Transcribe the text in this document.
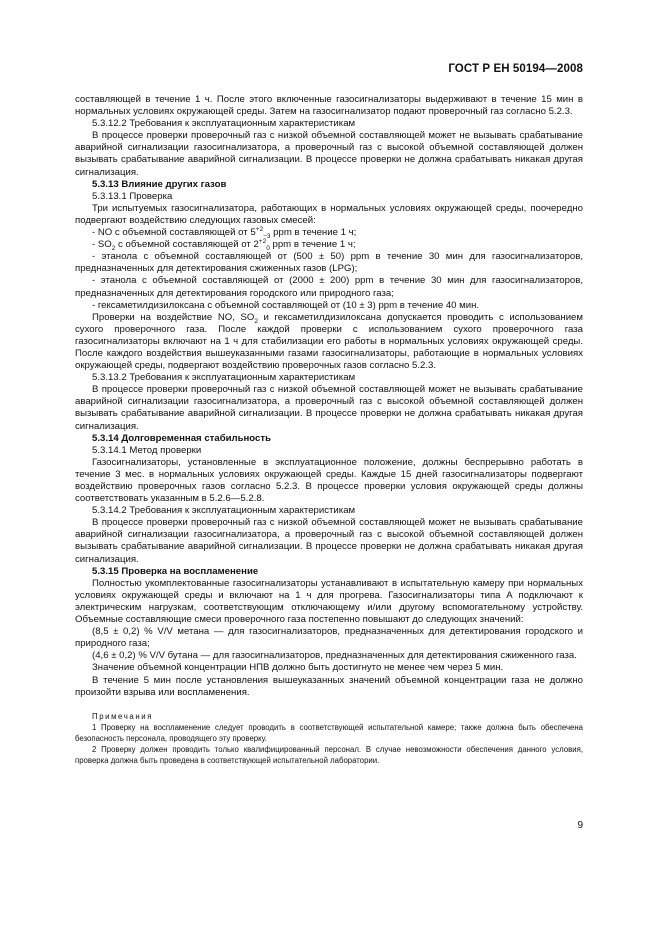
ГОСТ Р ЕН 50194—2008

составляющей в течение 1 ч. После этого включенные газосигнализаторы выдерживают в течение 15 мин в нормальных условиях окружающей среды. Затем на газосигнализатор подают проверочный газ согласно 5.2.3.

5.3.12.2 Требования к эксплуатационным характеристикам

В процессе проверки проверочный газ с низкой объемной составляющей может не вызывать срабатывание аварийной сигнализации газосигнализатора, а проверочный газ с высокой объемной составляющей должен вызывать срабатывание аварийной сигнализации. В процессе проверки не должна срабатывать никакая другая сигнализация.

5.3.13 Влияние других газов

5.3.13.1 Проверка

Три испытуемых газосигнализатора, работающих в нормальных условиях окружающей среды, поочередно подвергают воздействию следующих газовых смесей:

- NO с объемной составляющей от $5^{+2}_{-3}$ ppm в течение 1 ч;

- $SO_2$ с объемной составляющей от $2^{+2}_0$ ppm в течение 1 ч;

- этанола с объемной составляющей от (500 ± 50) ppm в течение 30 мин для газосигнализаторов, предназначенных для детектирования сжиженных газов (LPG);

- этанола с объемной составляющей от (2000 ± 200) ppm в течение 30 мин для газосигнализаторов, предназначенных для детектирования городского или природного газа;

- гексаметилдизилоксана с объемной составляющей от (10 ± 3) ppm в течение 40 мин.

Проверки на воздействие NO, $SO_2$ и гексаметилдизилоксана допускается проводить с использованием сухого проверочного газа. После каждой проверки с использованием сухого проверочного газа газосигнализаторы включают на 1 ч для стабилизации его работы в нормальных условиях окружающей среды. После каждого воздействия вышеуказанными газами газосигнализаторы, работающие в нормальных условиях окружающей среды, подвергают воздействию проверочных газов согласно 5.2.3.

5.3.13.2 Требования к эксплуатационным характеристикам

В процессе проверки проверочный газ с низкой объемной составляющей может не вызывать срабатывание аварийной сигнализации газосигнализатора, а проверочный газ с высокой объемной составляющей должен вызывать срабатывание аварийной сигнализации. В процессе проверки не должна срабатывать никакая другая сигнализация.

5.3.14 Долговременная стабильность

5.3.14.1 Метод проверки

Газосигнализаторы, установленные в эксплуатационное положение, должны беспрерывно работать в течение 3 мес. в нормальных условиях окружающей среды. Каждые 15 дней газосигнализаторы подвергают воздействию проверочных газов согласно 5.2.3. В процессе проверки условия окружающей среды должны соответствовать указанным в 5.2.6—5.2.8.

5.3.14.2 Требования к эксплуатационным характеристикам

В процессе проверки проверочный газ с низкой объемной составляющей может не вызывать срабатывание аварийной сигнализации газосигнализатора, а проверочный газ с высокой объемной составляющей должен вызывать срабатывание аварийной сигнализации. В процессе проверки не должна срабатывать никакая другая сигнализация.

5.3.15 Проверка на воспламенение

Полностью укомплектованные газосигнализаторы устанавливают в испытательную камеру при нормальных условиях окружающей среды и включают на 1 ч для прогрева. Газосигнализаторы типа А подключают к электрическим нагрузкам, соответствующим отключающему и/или другому вспомогательному устройству. Объемные составляющие смеси проверочного газа постепенно повышают до следующих значений:

(8,5 ± 0,2) % V/V метана — для газосигнализаторов, предназначенных для детектирования городского и природного газа;

(4,6 ± 0,2) % V/V бутана — для газосигнализаторов, предназначенных для детектирования сжиженного газа.

Значение объемной концентрации НПВ должно быть достигнуто не менее чем через 5 мин.

В течение 5 мин после установления вышеуказанных значений объемной концентрации газа не должно произойти взрыва или воспламенения.

Примечания

1 Проверку на воспламенение следует проводить в соответствующей испытательной камере; также должна быть обеспечена безопасность персонала, проводящего эту проверку.

2 Проверку должен проводить только квалифицированный персонал. В случае невозможности обеспечения данного условия, проверка должна быть проведена в соответствующей испытательной лаборатории.

9
